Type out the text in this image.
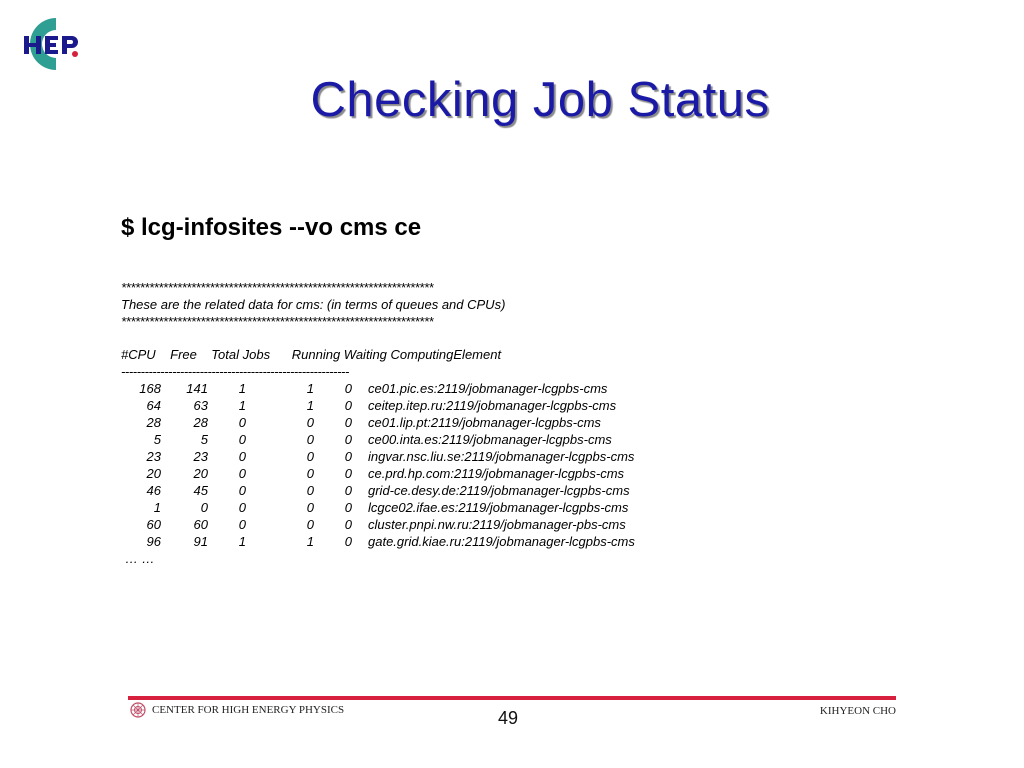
Checking Job Status
$ lcg-infosites --vo cms ce
*******************************************************************
These are the related data for cms: (in terms of queues and CPUs)
*******************************************************************
#CPU    Free    Total Jobs      Running Waiting ComputingElement
----------------------------------------------------------
168	141	1	1	0	ce01.pic.es:2119/jobmanager-lcgpbs-cms
64	63	1	1	0	ceitep.itep.ru:2119/jobmanager-lcgpbs-cms
28	28	0	0	0	ce01.lip.pt:2119/jobmanager-lcgpbs-cms
5	5	0	0	0	ce00.inta.es:2119/jobmanager-lcgpbs-cms
23	23	0	0	0	ingvar.nsc.liu.se:2119/jobmanager-lcgpbs-cms
20	20	0	0	0	ce.prd.hp.com:2119/jobmanager-lcgpbs-cms
46	45	0	0	0	grid-ce.desy.de:2119/jobmanager-lcgpbs-cms
1	0	0	0	0	lcgce02.ifae.es:2119/jobmanager-lcgpbs-cms
60	60	0	0	0	cluster.pnpi.nw.ru:2119/jobmanager-pbs-cms
96	91	1	1	0	gate.grid.kiae.ru:2119/jobmanager-lcgpbs-cms
… …
CENTER FOR HIGH ENERGY PHYSICS	49	KIHYEON CHO
